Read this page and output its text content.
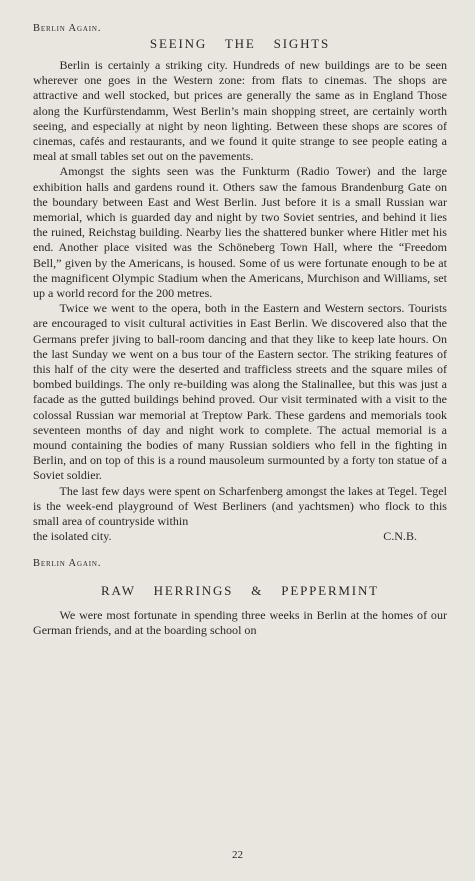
Berlin Again.

SEEING THE SIGHTS

Berlin is certainly a striking city. Hundreds of new buildings are to be seen wherever one goes in the Western zone: from flats to cinemas. The shops are attractive and well stocked, but prices are generally the same as in England Those along the Kurfürstendamm, West Berlin’s main shopping street, are certainly worth seeing, and especially at night by neon lighting. Between these shops are scores of cinemas, cafés and restaurants, and we found it quite strange to see people eating a meal at small tables set out on the pavements.

Amongst the sights seen was the Funkturm (Radio Tower) and the large exhibition halls and gardens round it. Others saw the famous Brandenburg Gate on the boundary between East and West Berlin. Just before it is a small Russian war memorial, which is guarded day and night by two Soviet sentries, and behind it lies the ruined, Reichstag building. Nearby lies the shattered bunker where Hitler met his end. Another place visited was the Schöneberg Town Hall, where the “Freedom Bell,” given by the Americans, is housed. Some of us were fortunate enough to be at the magnificent Olympic Stadium when the Americans, Murchison and Williams, set up a world record for the 200 metres.

Twice we went to the opera, both in the Eastern and Western sectors. Tourists are encouraged to visit cultural activities in East Berlin. We discovered also that the Germans prefer jiving to ball-room dancing and that they like to keep late hours. On the last Sunday we went on a bus tour of the Eastern sector. The striking features of this half of the city were the deserted and trafficless streets and the square miles of bombed buildings. The only re-building was along the Stalinallee, but this was just a facade as the gutted buildings behind proved. Our visit terminated with a visit to the colossal Russian war memorial at Treptow Park. These gardens and memorials took seventeen months of day and night work to complete. The actual memorial is a mound containing the bodies of many Russian soldiers who fell in the fighting in Berlin, and on top of this is a round mausoleum surmounted by a forty ton statue of a Soviet soldier.

The last few days were spent on Scharfenberg amongst the lakes at Tegel. Tegel is the week-end playground of West Berliners (and yachtsmen) who flock to this small area of countryside within

the isolated city.	C.N.B.

Berlin Again.

RAW HERRINGS & PEPPERMINT

We were most fortunate in spending three weeks in Berlin at the homes of our German friends, and at the boarding school on

22
